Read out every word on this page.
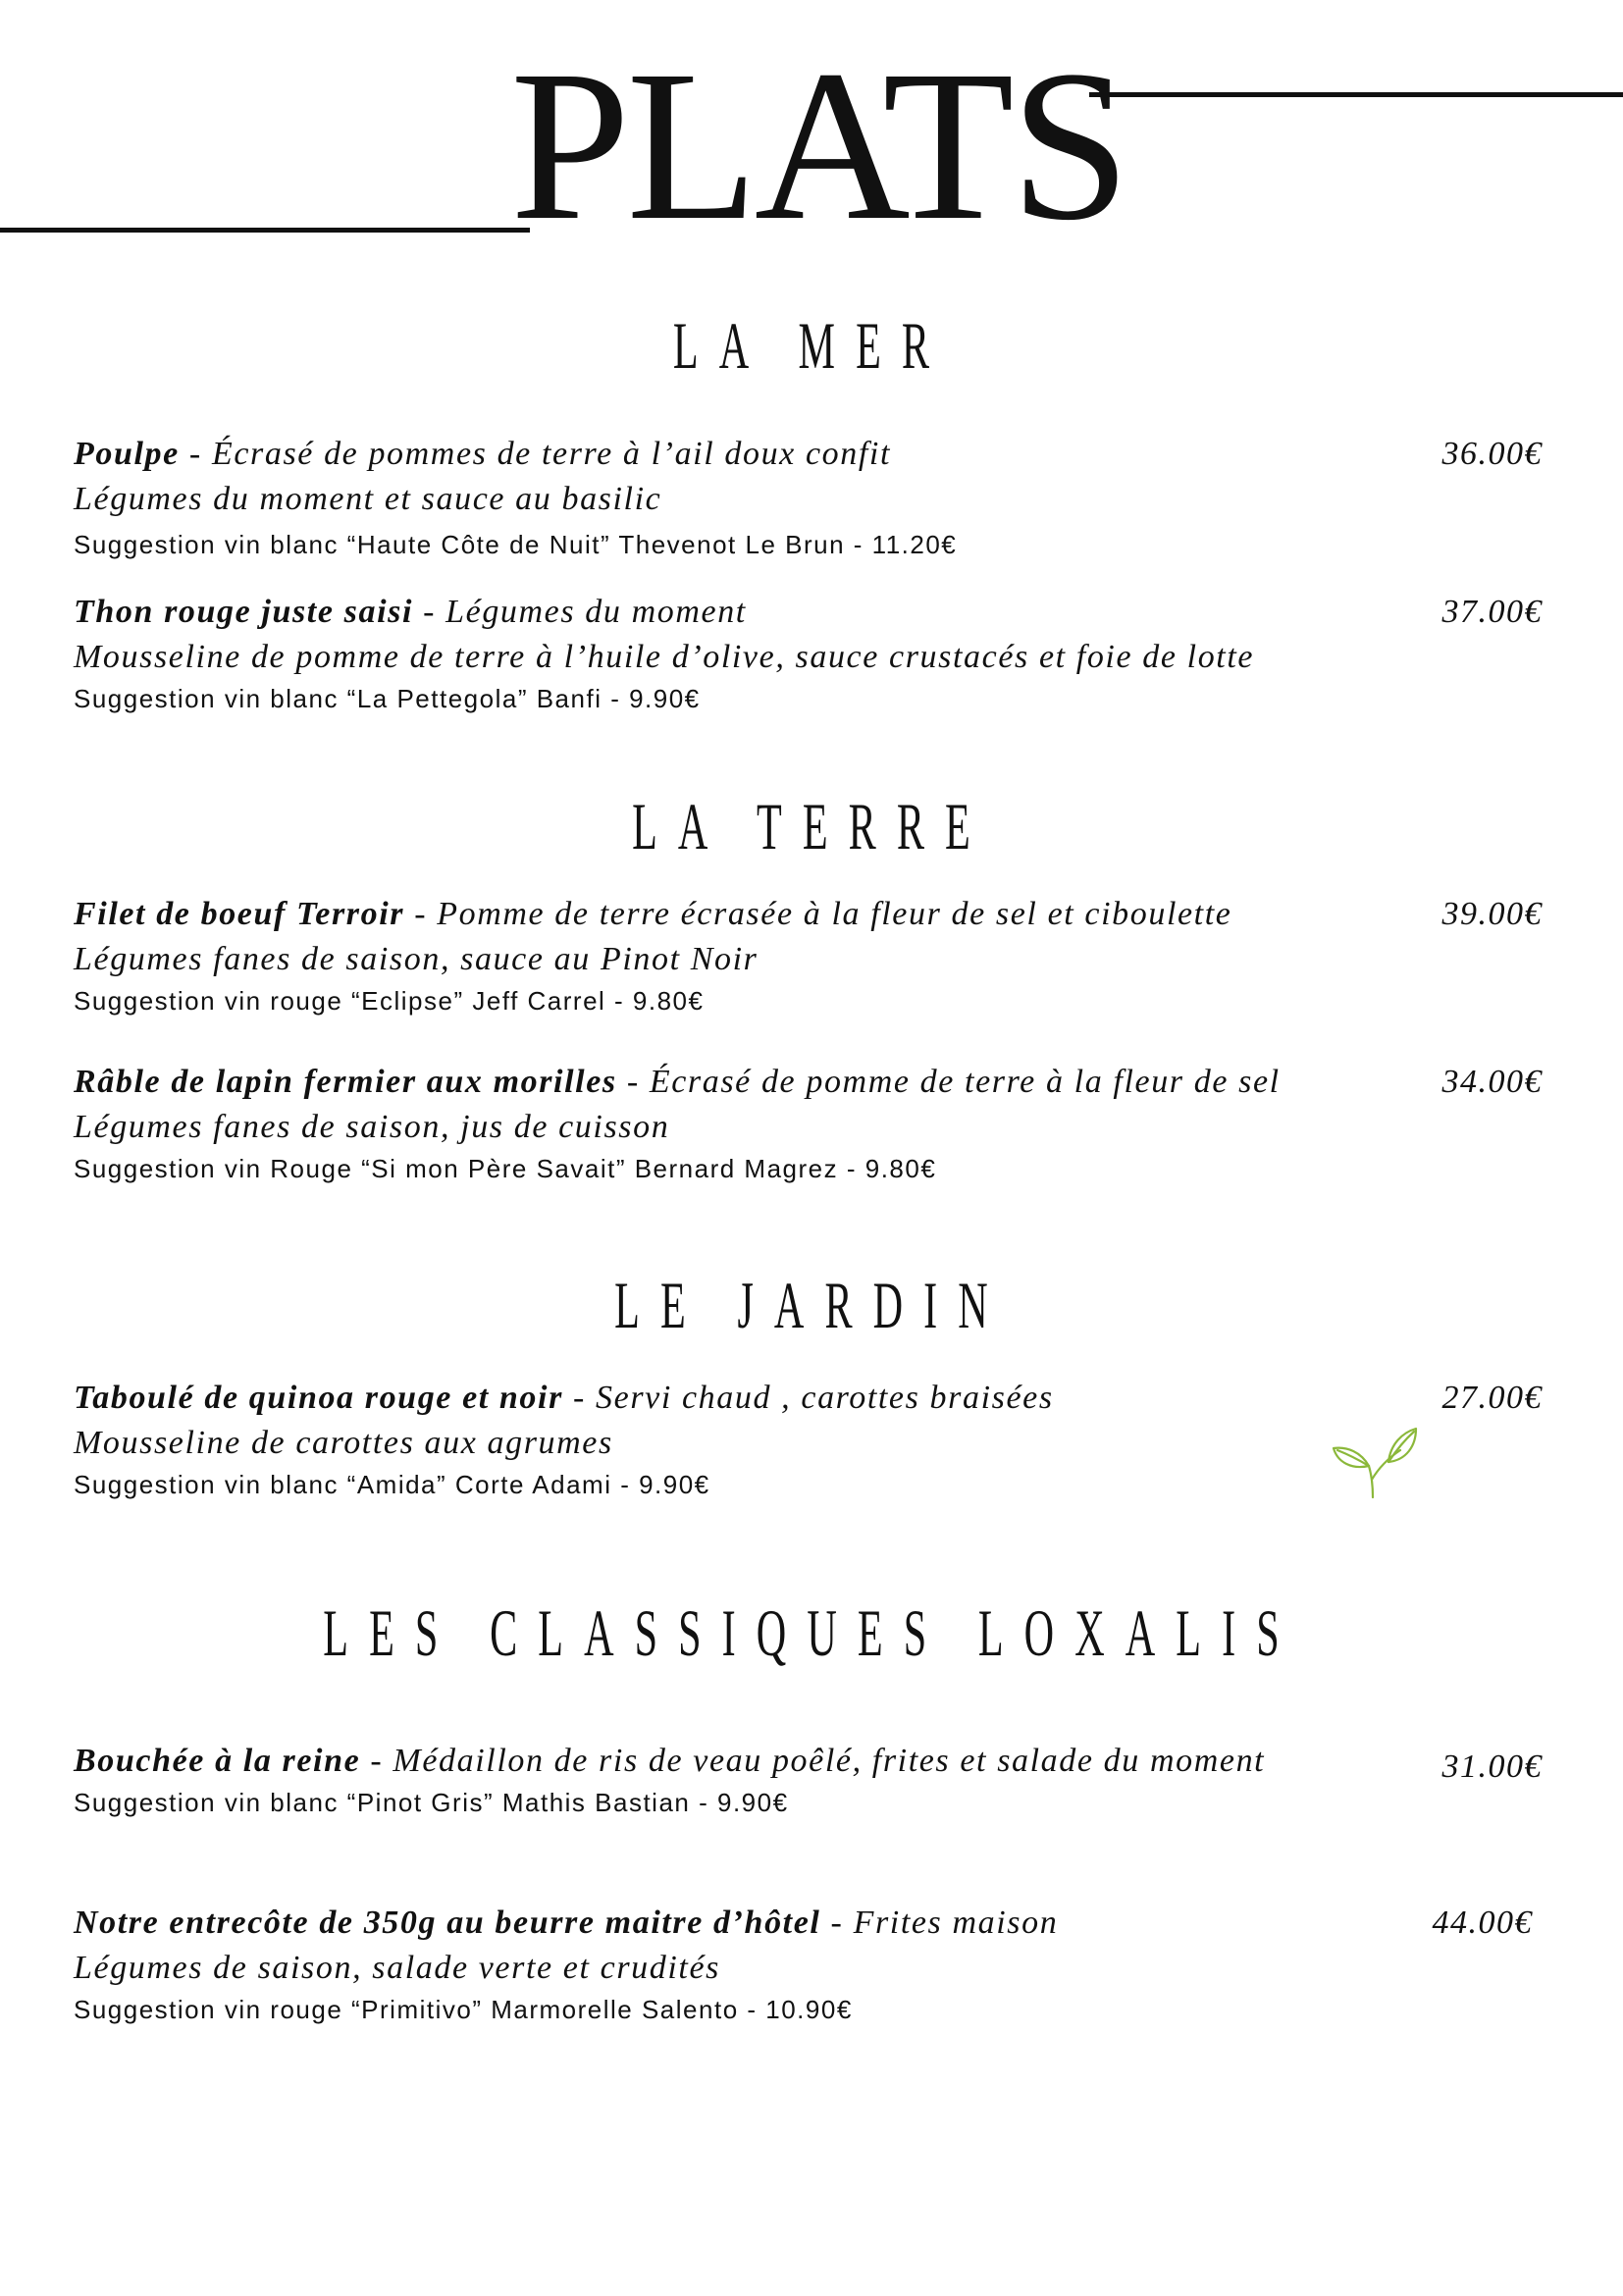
PLATS
LA MER
Poulpe - Écrasé de pommes de terre à l’ail doux confit
Légumes du moment et sauce au basilic
Suggestion vin blanc “Haute Côte de Nuit” Thevenot Le Brun - 11.20€
36.00€
Thon rouge juste saisi - Légumes du moment
Mousseline de pomme de terre à l’huile d’olive, sauce crustacés et foie de lotte
Suggestion vin blanc “La Pettegola” Banfi - 9.90€
37.00€
LA TERRE
Filet de boeuf Terroir - Pomme de terre écrasée à la fleur de sel et ciboulette
Légumes fanes de saison, sauce au Pinot Noir
Suggestion vin rouge “Eclipse” Jeff Carrel - 9.80€
39.00€
Râble de lapin fermier aux morilles - Écrasé de pomme de terre à la fleur de sel
Légumes fanes de saison, jus de cuisson
Suggestion vin Rouge “Si mon Père Savait” Bernard Magrez - 9.80€
34.00€
LE JARDIN
Taboulé de quinoa rouge et noir - Servi chaud , carottes braisées
Mousseline de carottes aux agrumes
Suggestion vin blanc “Amida” Corte Adami - 9.90€
27.00€
LES CLASSIQUES LOXALIS
Bouchée à la reine - Médaillon de ris de veau poêlé, frites et salade du moment
Suggestion vin blanc “Pinot Gris” Mathis Bastian - 9.90€
31.00€
Notre entrecôte de 350g au beurre maitre d’hôtel - Frites maison
Légumes de saison, salade verte et crudités
Suggestion vin rouge “Primitivo” Marmorelle Salento - 10.90€
44.00€
